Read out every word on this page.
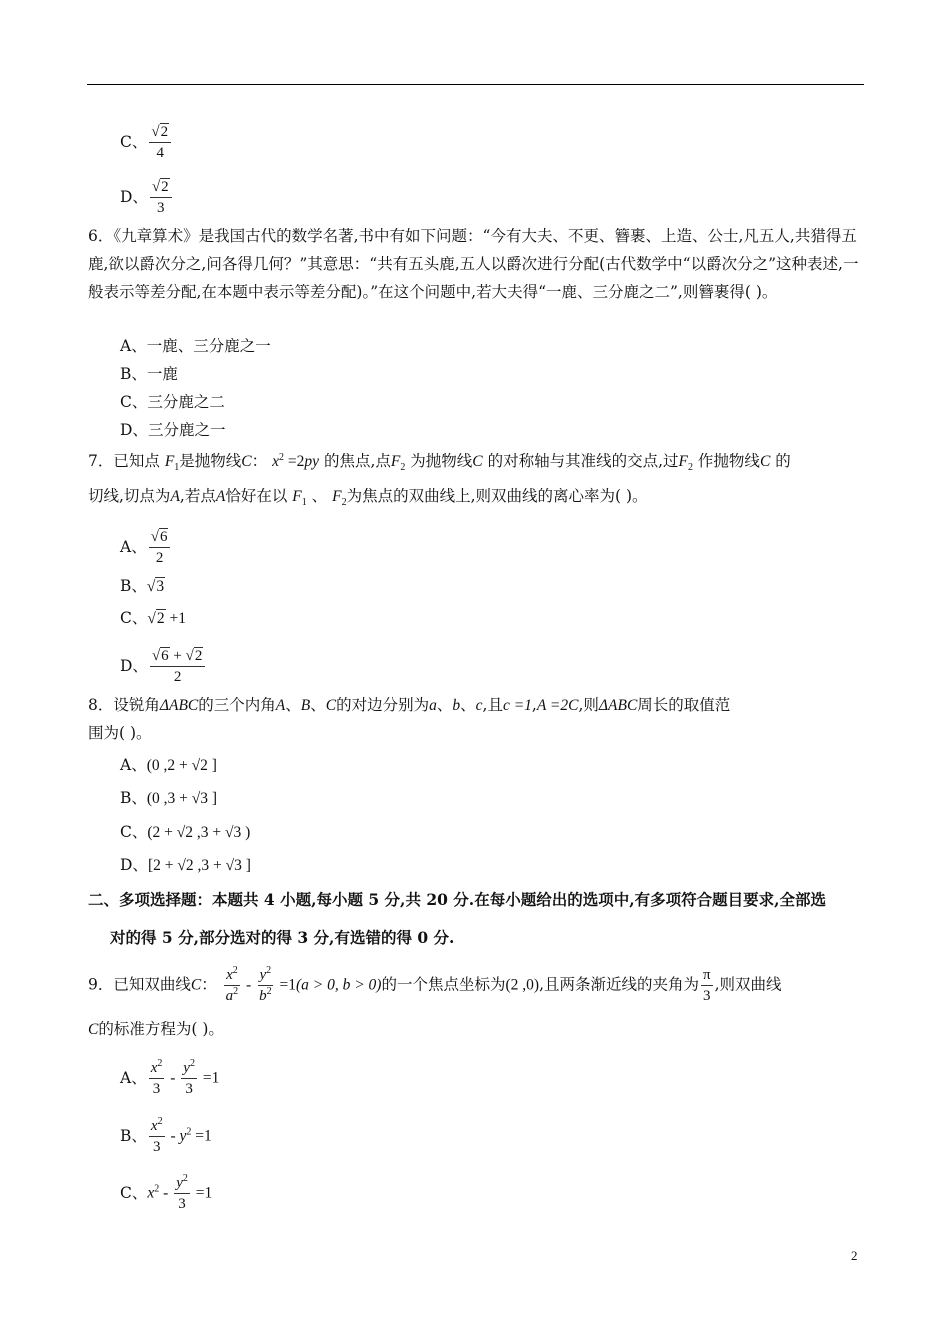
C、 $\frac{√2}{4}$
D、 $\frac{√2}{3}$
6．《九章算术》是我国古代的数学名著,书中有如下问题：“今有大夫、不更、簪裹、上造、公士,凡五人,共猎得五鹿,欲以爵次分之,问各得几何？”其意思：“共有五头鹿,五人以爵次进行分配(古代数学中“以爵次分之”这种表述,一般表示等差分配,在本题中表示等差分配)。”在这个问题中,若大夫得“一鹿、三分鹿之二”,则簪裹得( )。
A、一鹿、三分鹿之一
B、一鹿
C、三分鹿之二
D、三分鹿之一
7．已知点 $F_1$是抛物线C： $x^2 =2py$ 的焦点,点$F_2$ 为抛物线C 的对称轴与其准线的交点,过$F_2$ 作抛物线C 的
切线,切点为A,若点A恰好在以 $F_1$ 、 $F_2$为焦点的双曲线上,则双曲线的离心率为( )。
A、 $\frac{√6}{2}$
B、√3
C、√2 +1
D、 $\frac{√6 + √2}{2}$
8．设锐角ΔABC的三个内角A、B、C的对边分别为a、b、c,且c =1,A =2C,则ΔABC周长的取值范
围为( )。
A、(0 ,2 + √2 ]
B、(0 ,3 + √3 ]
C、(2 + √2 ,3 + √3 )
D、[2 + √2 ,3 + √3 ]
二、多项选择题：本题共 4 小题,每小题 5 分,共 20 分.在每小题给出的选项中,有多项符合题目要求,全部选
对的得 5 分,部分选对的得 3 分,有选错的得 0 分.
9．已知双曲线C： $\frac{x^2}{a^2} - \frac{y^2}{b^2} =1(a > 0$, b > 0)的一个焦点坐标为(2 ,0),且两条渐近线的夹角为 $\frac{\pi}{3}$ ,则双曲线
C的标准方程为( )。
A、 $\frac{x^2}{3} - \frac{y^2}{3} =1$
B、 $\frac{x^2}{3} - y^2 =1$
C、$x^2 - \frac{y^2}{3} =1$
2
